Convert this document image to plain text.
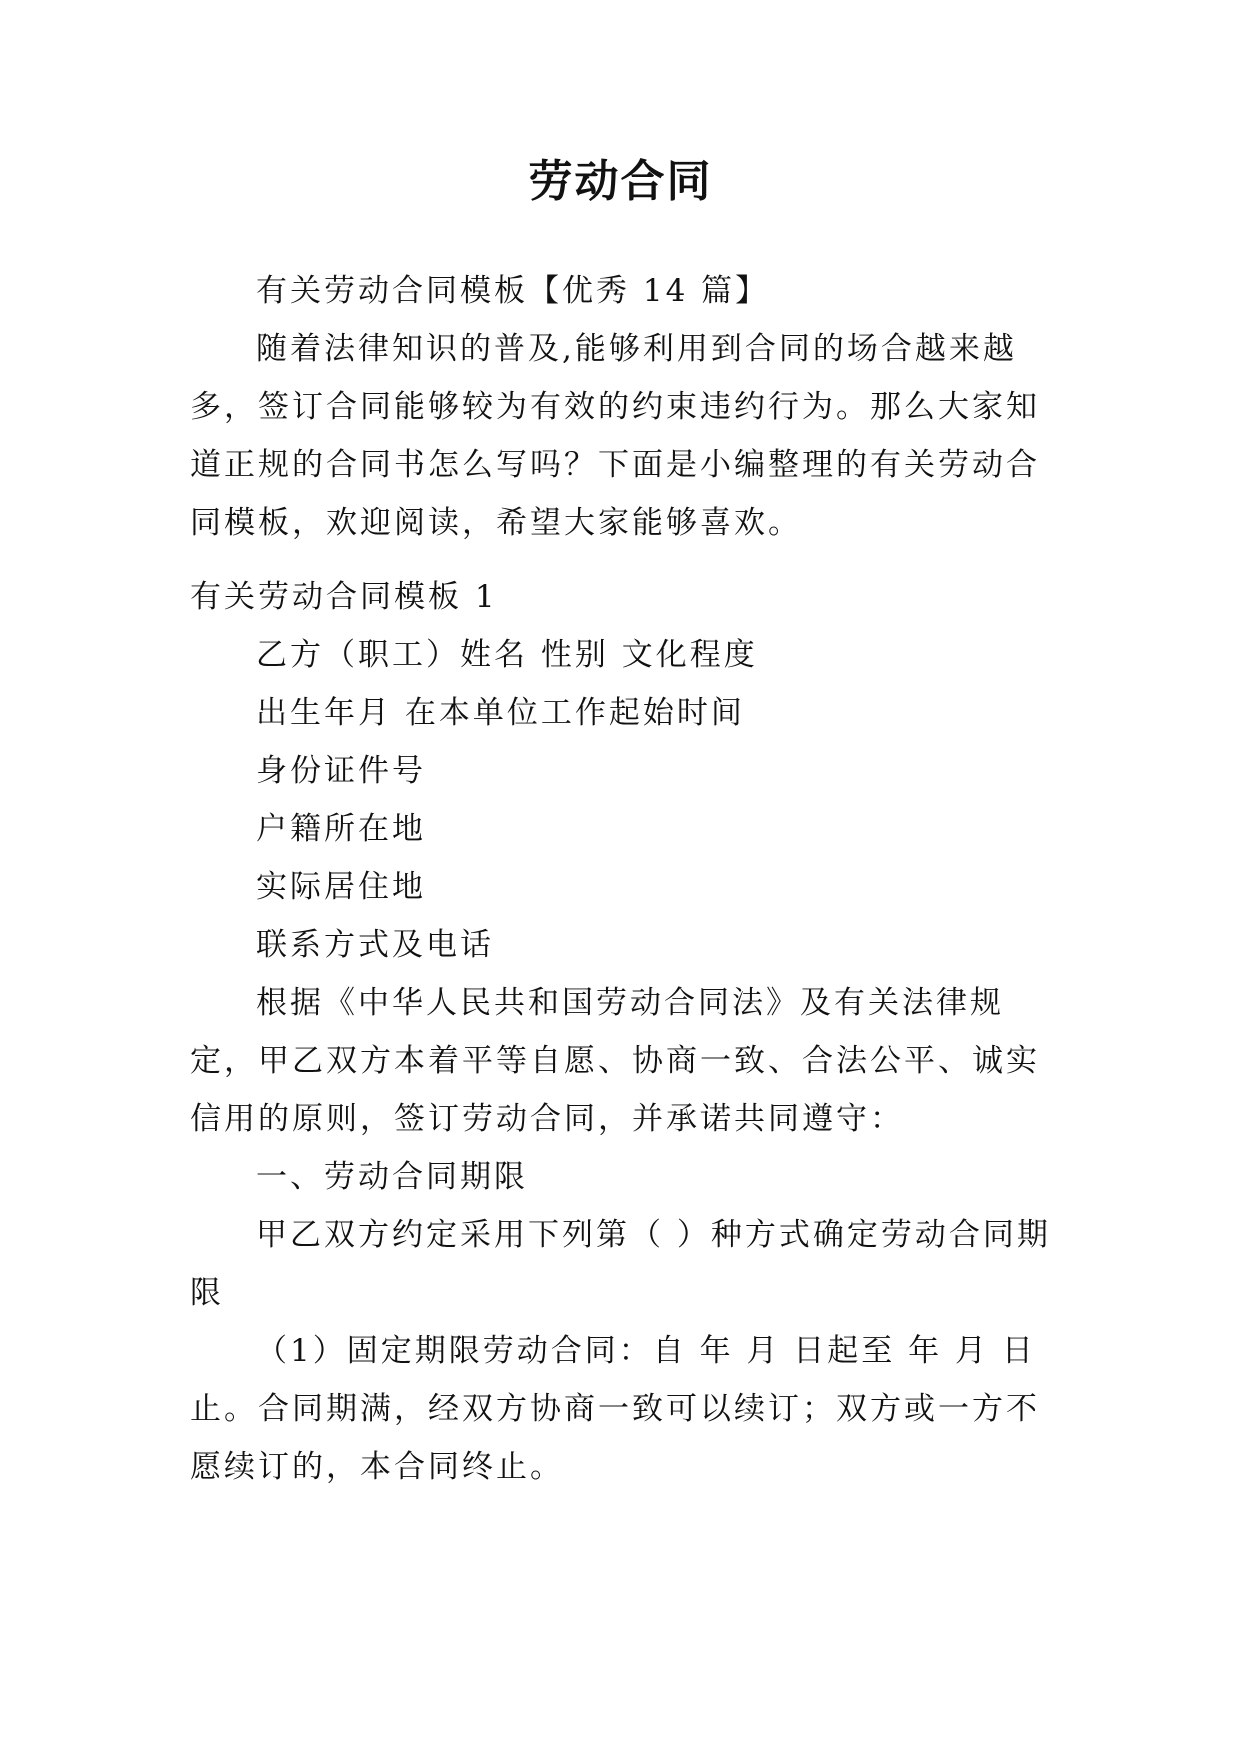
劳动合同

有关劳动合同模板【优秀 14 篇】

随着法律知识的普及,能够利用到合同的场合越来越多，签订合同能够较为有效的约束违约行为。那么大家知道正规的合同书怎么写吗？下面是小编整理的有关劳动合同模板，欢迎阅读，希望大家能够喜欢。

有关劳动合同模板 1

乙方（职工）姓名 性别 文化程度

出生年月 在本单位工作起始时间

身份证件号

户籍所在地

实际居住地

联系方式及电话

根据《中华人民共和国劳动合同法》及有关法律规定，甲乙双方本着平等自愿、协商一致、合法公平、诚实信用的原则，签订劳动合同，并承诺共同遵守：

一、劳动合同期限

甲乙双方约定采用下列第（ ）种方式确定劳动合同期限

（1）固定期限劳动合同：自 年 月 日起至 年 月 日止。合同期满，经双方协商一致可以续订；双方或一方不愿续订的，本合同终止。
